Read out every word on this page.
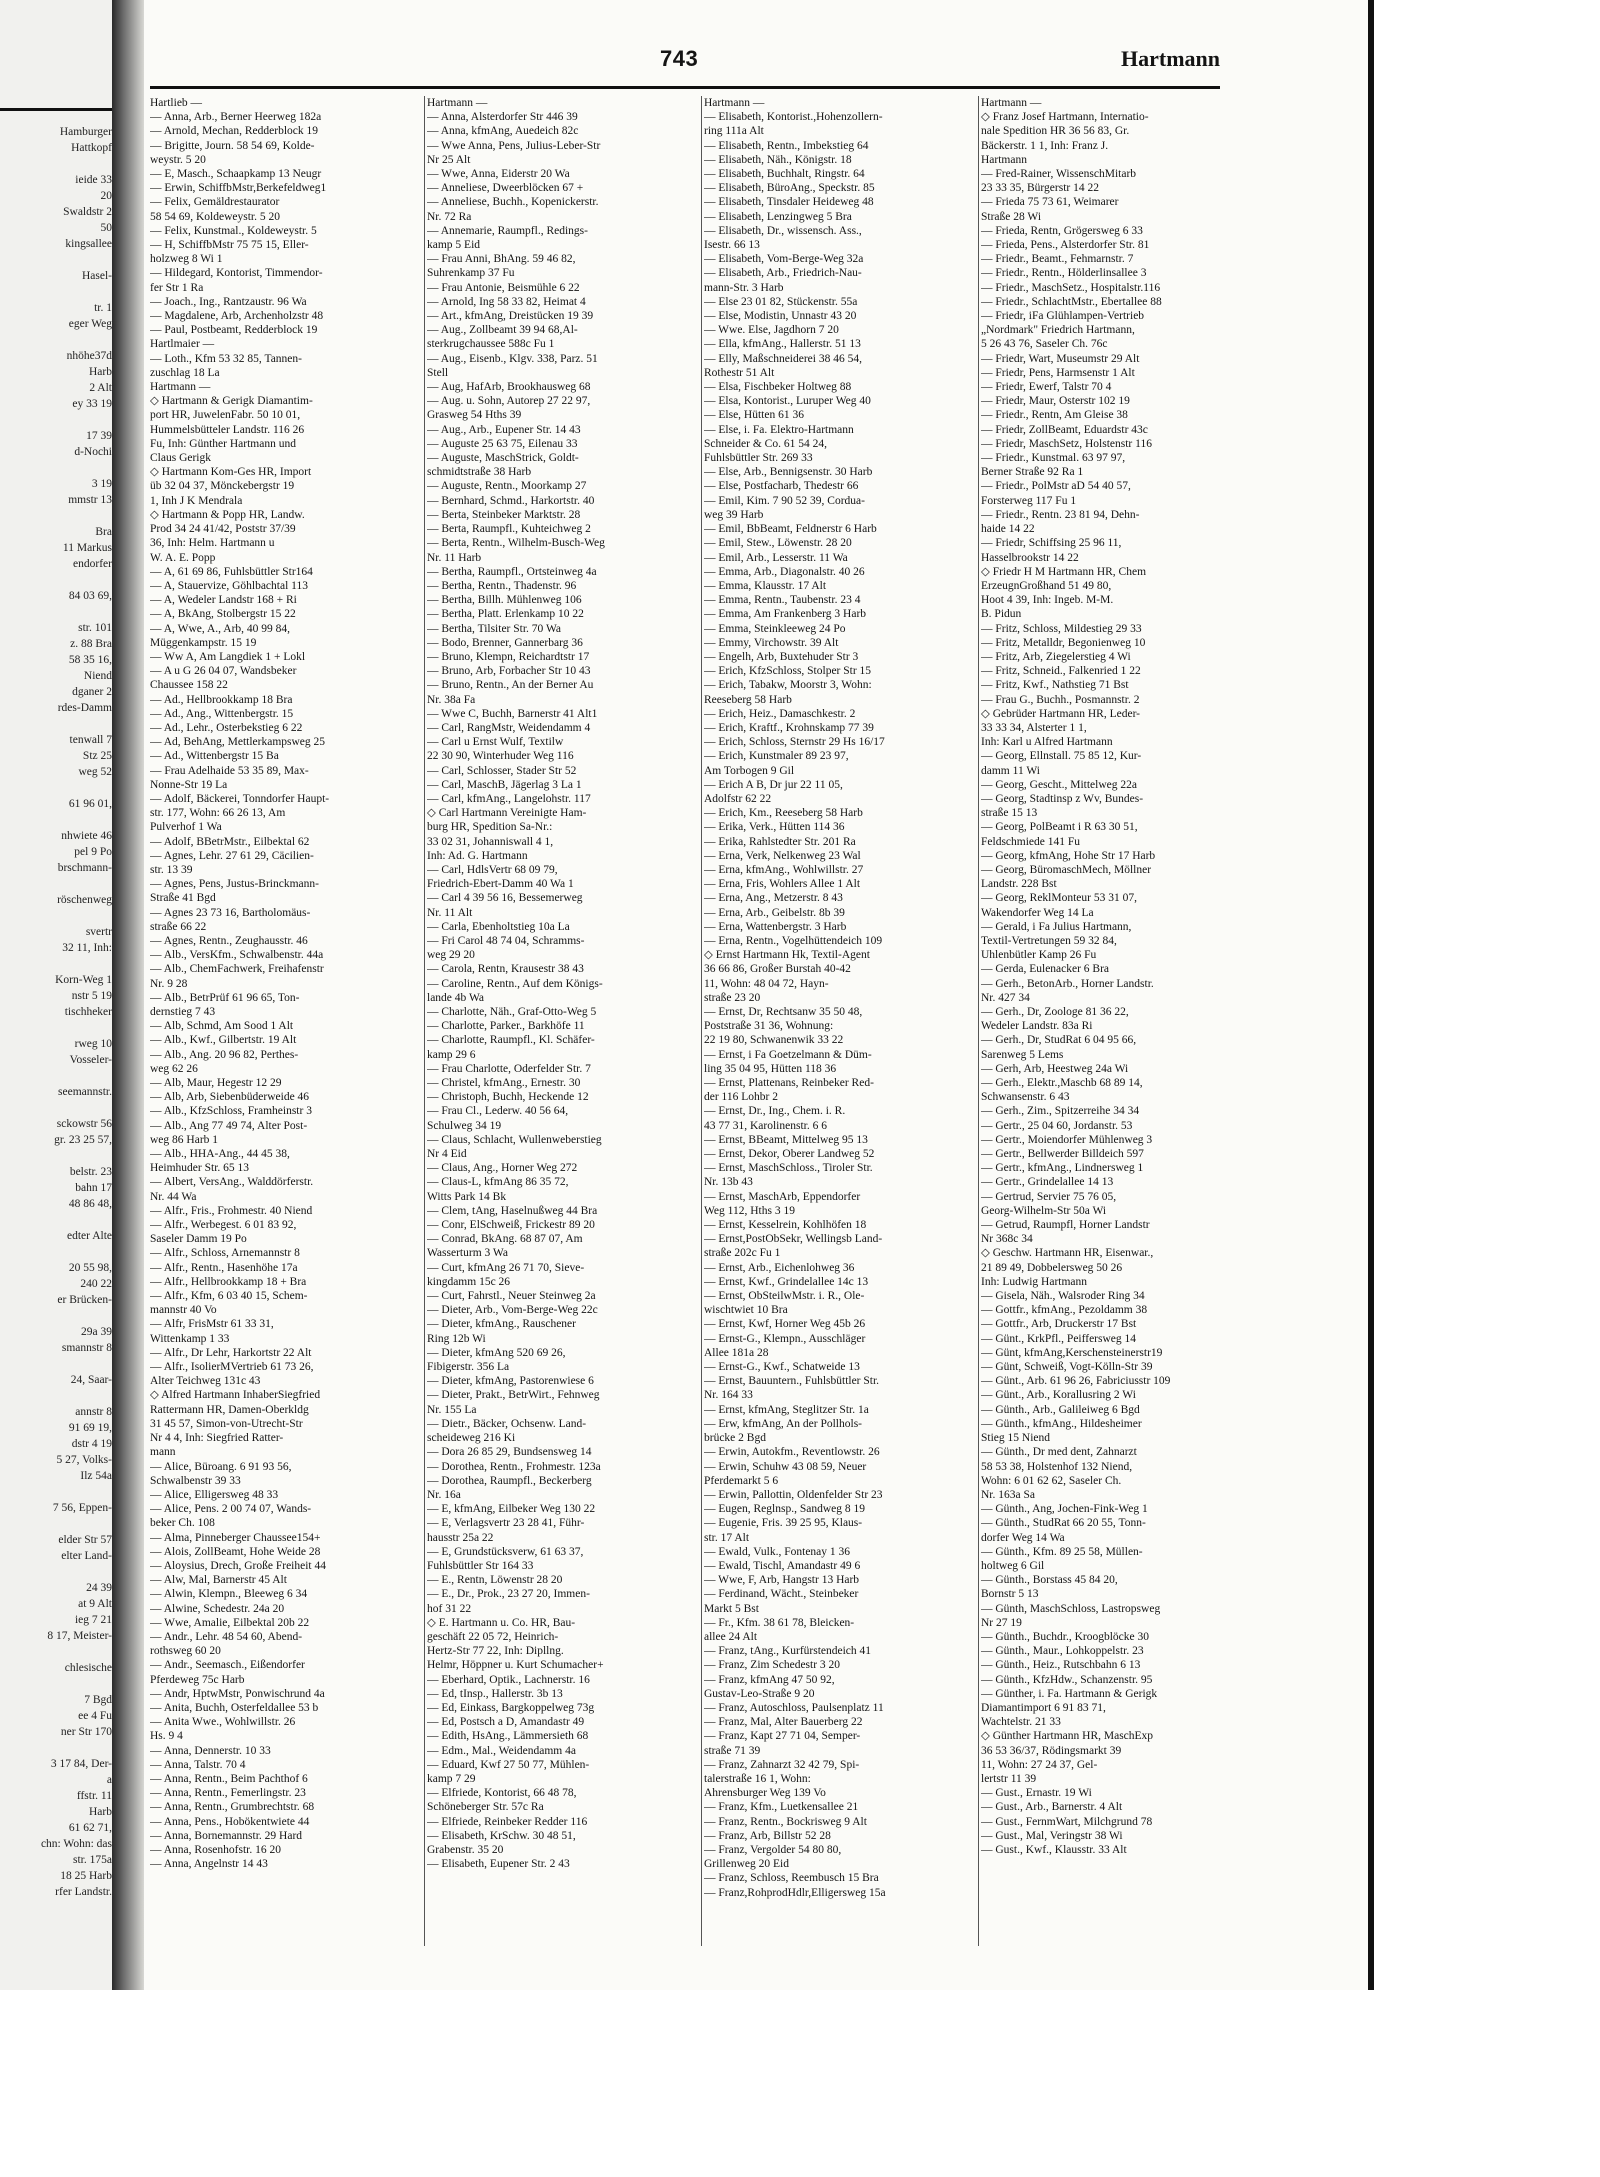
Hamburger
Hattkopf

ieide 33
20
Swaldstr 2
50
kingsallee

Hasel-

tr. 1
eger Weg

nhöhe37d
Harb
2 Alt
ey 33 19

17 39
d-Nochi

3 19
mmstr 13

Bra
11 Markus
endorfer

84 03 69,

str. 101
z. 88 Bra
58 35 16,
Niend
dganer 2
rdes-Damm

tenwall 7
Stz 25
weg 52

61 96 01,

nhwiete 46
pel 9 Po
brschmann-

röschenweg

svertr
32 11, Inh:

Korn-Weg 1
nstr 5 19
tischheker

rweg 10
Vosseler-

seemannstr.

sckowstr 56
gr. 23 25 57,

belstr. 23
bahn 17
48 86 48,

edter Alte

20 55 98,
240 22
er Brücken-

29a 39
smannstr 8

24, Saar-

annstr 8
91 69 19,
dstr 4 19
5 27, Volks-
Ilz 54a

7 56, Eppen-

elder Str 57
elter Land-

24 39
at 9 Alt
ieg 7 21
8 17, Meister-

chlesische

7 Bgd
ee 4 Fu
ner Str 170

3 17 84, Der-
a
ffstr. 11
Harb
61 62 71,
chn: Wohn: das
str. 175a
18 25 Harb
rfer Landstr.
743	Hartmann
Hartlieb —
— Anna, Arb., Berner Heerweg 182a
— Arnold, Mechan, Redderblock 19
— Brigitte, Journ. 58 54 69, Kolde-
weystr. 5 20
— E, Masch., Schaapkamp 13 Neugr
— Erwin, SchiffbMstr,Berkefeldweg1
— Felix, Gemäldrestaurator
58 54 69, Koldeweystr. 5 20
— Felix, Kunstmal., Koldeweystr. 5
— H, SchiffbMstr 75 75 15, Eller-
holzweg 8 Wi 1
— Hildegard, Kontorist, Timmendor-
fer Str 1 Ra
— Joach., Ing., Rantzaustr. 96 Wa
— Magdalene, Arb, Archenholzstr 48
— Paul, Postbeamt, Redderblock 19
Hartlmaier —
— Loth., Kfm 53 32 85, Tannen-
zuschlag 18 La
Hartmann —
◇ Hartmann & Gerigk Diamantim-
port HR, JuwelenFabr. 50 10 01,
Hummelsbütteler Landstr. 116 26
Fu, Inh: Günther Hartmann und
Claus Gerigk
◇ Hartmann Kom-Ges HR, Import
üb 32 04 37, Mönckebergstr 19
1, Inh J K Mendrala
◇ Hartmann & Popp HR, Landw.
Prod 34 24 41/42, Poststr 37/39
36, Inh: Helm. Hartmann u
W. A. E. Popp
— A, 61 69 86, Fuhlsbüttler Str164
— A, Stauervize, Göhlbachtal 113
— A, Wedeler Landstr 168 + Ri
— A, BkAng, Stolbergstr 15 22
— A, Wwe, A., Arb, 40 99 84,
Müggenkampstr. 15 19
— Ww A, Am Langdiek 1 + Lokl
— A u G 26 04 07, Wandsbeker
Chaussee 158 22
— Ad., Hellbrookkamp 18 Bra
— Ad., Ang., Wittenbergstr. 15
— Ad., Lehr., Osterbekstieg 6 22
— Ad, BehAng, Mettlerkampsweg 25
— Ad., Wittenbergstr 15 Ba
— Frau Adelhaide 53 35 89, Max-
Nonne-Str 19 La
— Adolf, Bäckerei, Tonndorfer Haupt-
str. 177, Wohn: 66 26 13, Am
Pulverhof 1 Wa
— Adolf, BBetrMstr., Eilbektal 62
— Agnes, Lehr. 27 61 29, Cäcilien-
str. 13 39
— Agnes, Pens, Justus-Brinckmann-
Straße 41 Bgd
— Agnes 23 73 16, Bartholomäus-
straße 66 22
— Agnes, Rentn., Zeughausstr. 46
— Alb., VersKfm., Schwalbenstr. 44a
— Alb., ChemFachwerk, Freihafenstr
Nr. 9 28
— Alb., BetrPrüf 61 96 65, Ton-
dernstieg 7 43
— Alb, Schmd, Am Sood 1 Alt
— Alb., Kwf., Gilbertstr. 19 Alt
— Alb., Ang. 20 96 82, Perthes-
weg 62 26
— Alb, Maur, Hegestr 12 29
— Alb, Arb, Siebenbüderweide 46
— Alb., KfzSchloss, Framheinstr 3
— Alb., Ang 77 49 74, Alter Post-
weg 86 Harb 1
— Alb., HHA-Ang., 44 45 38,
Heimhuder Str. 65 13
— Albert, VersAng., Walddörferstr.
Nr. 44 Wa
— Alfr., Fris., Frohmestr. 40 Niend
— Alfr., Werbegest. 6 01 83 92,
Saseler Damm 19 Po
— Alfr., Schloss, Arnemannstr 8
— Alfr., Rentn., Hasenhöhe 17a
— Alfr., Hellbrookkamp 18 + Bra
— Alfr., Kfm, 6 03 40 15, Schem-
mannstr 40 Vo
— Alfr, FrisMstr 61 33 31,
Wittenkamp 1 33
— Alfr., Dr Lehr, Harkortstr 22 Alt
— Alfr., IsolierMVertrieb 61 73 26,
Alter Teichweg 131c 43
◇ Alfred Hartmann InhaberSiegfried
Rattermann HR, Damen-Oberkldg
31 45 57, Simon-von-Utrecht-Str
Nr 4 4, Inh: Siegfried Ratter-
mann
— Alice, Büroang. 6 91 93 56,
Schwalbenstr 39 33
— Alice, Elligersweg 48 33
— Alice, Pens. 2 00 74 07, Wands-
beker Ch. 108
— Alma, Pinneberger Chaussee154+
— Alois, ZollBeamt, Hohe Weide 28
— Aloysius, Drech, Große Freiheit 44
— Alw, Mal, Barnerstr 45 Alt
— Alwin, Klempn., Bleeweg 6 34
— Alwine, Schedestr. 24a 20
— Wwe, Amalie, Eilbektal 20b 22
— Andr., Lehr. 48 54 60, Abend-
rothsweg 60 20
— Andr., Seemasch., Eißendorfer
Pferdeweg 75c Harb
— Andr, HptwMstr, Ponwischrund 4a
— Anita, Buchh, Osterfeldallee 53 b
— Anita Wwe., Wohlwillstr. 26
Hs. 9 4
— Anna, Dennerstr. 10 33
— Anna, Talstr. 70 4
— Anna, Rentn., Beim Pachthof 6
— Anna, Rentn., Femerlingstr. 23
— Anna, Rentn., Grumbrechtstr. 68
— Anna, Pens., Hobökentwiete 44
— Anna, Bornemannstr. 29 Hard
— Anna, Rosenhofstr. 16 20
— Anna, Angelnstr 14 43
Hartmann —
— Anna, Alsterdorfer Str 446 39
— Anna, kfmAng, Auedeich 82c
— Wwe Anna, Pens, Julius-Leber-Str
Nr 25 Alt
— Wwe, Anna, Eiderstr 20 Wa
— Anneliese, Dweerblöcken 67 +
— Anneliese, Buchh., Kopenickerstr.
Nr. 72 Ra
— Annemarie, Raumpfl., Redings-
kamp 5 Eid
— Frau Anni, BhAng. 59 46 82,
Suhrenkamp 37 Fu
— Frau Antonie, Beismühle 6 22
— Arnold, Ing 58 33 82, Heimat 4
— Art., kfmAng, Dreistücken 19 39
— Aug., Zollbeamt 39 94 68,Al-
sterkrugchaussee 588c Fu 1
— Aug., Eisenb., Klgv. 338, Parz. 51
Stell
— Aug, HafArb, Brookhausweg 68
— Aug. u. Sohn, Autorep 27 22 97,
Grasweg 54 Hths 39
— Aug., Arb., Eupener Str. 14 43
— Auguste 25 63 75, Eilenau 33
— Auguste, MaschStrick, Goldt-
schmidtstraße 38 Harb
— Auguste, Rentn., Moorkamp 27
— Bernhard, Schmd., Harkortstr. 40
— Berta, Steinbeker Marktstr. 28
— Berta, Raumpfl., Kuhteichweg 2
— Berta, Rentn., Wilhelm-Busch-Weg
Nr. 11 Harb
— Bertha, Raumpfl., Ortsteinweg 4a
— Bertha, Rentn., Thadenstr. 96
— Bertha, Billh. Mühlenweg 106
— Bertha, Platt. Erlenkamp 10 22
— Bertha, Tilsiter Str. 70 Wa
— Bodo, Brenner, Gannerbarg 36
— Bruno, Klempn, Reichardtstr 17
— Bruno, Arb, Forbacher Str 10 43
— Bruno, Rentn., An der Berner Au
Nr. 38a Fa
— Wwe C, Buchh, Barnerstr 41 Alt1
— Carl, RangMstr, Weidendamm 4
— Carl u Ernst Wulf, Textilw
22 30 90, Winterhuder Weg 116
— Carl, Schlosser, Stader Str 52
— Carl, MaschB, Jägerlag 3 La 1
— Carl, kfmAng., Langelohstr. 117
◇ Carl Hartmann Vereinigte Ham-
burg HR, Spedition Sa-Nr.:
33 02 31, Johanniswall 4 1,
Inh: Ad. G. Hartmann
— Carl, HdlsVertr 68 09 79,
Friedrich-Ebert-Damm 40 Wa 1
— Carl 4 39 56 16, Bessemerweg
Nr. 11 Alt
— Carla, Ebenholtstieg 10a La
— Fri Carol 48 74 04, Schramms-
weg 29 20
— Carola, Rentn, Krausestr 38 43
— Caroline, Rentn., Auf dem Königs-
lande 4b Wa
— Charlotte, Näh., Graf-Otto-Weg 5
— Charlotte, Parker., Barkhöfe 11
— Charlotte, Raumpfl., Kl. Schäfer-
kamp 29 6
— Frau Charlotte, Oderfelder Str. 7
— Christel, kfmAng., Ernestr. 30
— Christoph, Buchh, Heckende 12
— Frau Cl., Lederw. 40 56 64,
Schulweg 34 19
— Claus, Schlacht, Wullenweberstieg
Nr 4 Eid
— Claus, Ang., Horner Weg 272
— Claus-L, kfmAng 86 35 72,
Witts Park 14 Bk
— Clem, tAng, Haselnußweg 44 Bra
— Conr, ElSchweiß, Frickestr 89 20
— Conrad, BkAng. 68 87 07, Am
Wasserturm 3 Wa
— Curt, kfmAng 26 71 70, Sieve-
kingdamm 15c 26
— Curt, Fahrstl., Neuer Steinweg 2a
— Dieter, Arb., Vom-Berge-Weg 22c
— Dieter, kfmAng., Rauschener
Ring 12b Wi
— Dieter, kfmAng 520 69 26,
Fibigerstr. 356 La
— Dieter, kfmAng, Pastorenwiese 6
— Dieter, Prakt., BetrWirt., Fehnweg
Nr. 155 La
— Dietr., Bäcker, Ochsenw. Land-
scheideweg 216 Ki
— Dora 26 85 29, Bundsensweg 14
— Dorothea, Rentn., Frohmestr. 123a
— Dorothea, Raumpfl., Beckerberg
Nr. 16a
— E, kfmAng, Eilbeker Weg 130 22
— E, Verlagsvertr 23 28 41, Führ-
hausstr 25a 22
— E, Grundstücksverw, 61 63 37,
Fuhlsbüttler Str 164 33
— E., Rentn, Löwenstr 28 20
— E., Dr., Prok., 23 27 20, Immen-
hof 31 22
◇ E. Hartmann u. Co. HR, Bau-
geschäft 22 05 72, Heinrich-
Hertz-Str 77 22, Inh: Dipllng.
Helmr, Höppner u. Kurt Schumacher+
— Eberhard, Optik., Lachnerstr. 16
— Ed, tInsp., Hallerstr. 3b 13
— Ed, Einkass, Bargkoppelweg 73g
— Ed, Postsch a D, Amandastr 49
— Edith, HsAng., Lämmersieth 68
— Edm., Mal., Weidendamm 4a
— Eduard, Kwf 27 50 77, Mühlen-
kamp 7 29
— Elfriede, Kontorist, 66 48 78,
Schöneberger Str. 57c Ra
— Elfriede, Reinbeker Redder 116
— Elisabeth, KrSchw. 30 48 51,
Grabenstr. 35 20
— Elisabeth, Eupener Str. 2 43
Hartmann —
— Elisabeth, Kontorist.,Hohenzollern-
ring 111a Alt
— Elisabeth, Rentn., Imbekstieg 64
— Elisabeth, Näh., Königstr. 18
— Elisabeth, Buchhalt, Ringstr. 64
— Elisabeth, BüroAng., Speckstr. 85
— Elisabeth, Tinsdaler Heideweg 48
— Elisabeth, Lenzingweg 5 Bra
— Elisabeth, Dr., wissensch. Ass.,
Isestr. 66 13
— Elisabeth, Vom-Berge-Weg 32a
— Elisabeth, Arb., Friedrich-Nau-
mann-Str. 3 Harb
— Else 23 01 82, Stückenstr. 55a
— Else, Modistin, Unnastr 43 20
— Wwe. Else, Jagdhorn 7 20
— Ella, kfmAng., Hallerstr. 51 13
— Elly, Maßschneiderei 38 46 54,
Rothestr 51 Alt
— Elsa, Fischbeker Holtweg 88
— Elsa, Kontorist., Luruper Weg 40
— Else, Hütten 61 36
— Else, i. Fa. Elektro-Hartmann
Schneider & Co. 61 54 24,
Fuhlsbüttler Str. 269 33
— Else, Arb., Bennigsenstr. 30 Harb
— Else, Postfacharb, Thedestr 66
— Emil, Kim. 7 90 52 39, Cordua-
weg 39 Harb
— Emil, BbBeamt, Feldnerstr 6 Harb
— Emil, Stew., Löwenstr. 28 20
— Emil, Arb., Lesserstr. 11 Wa
— Emma, Arb., Diagonalstr. 40 26
— Emma, Klausstr. 17 Alt
— Emma, Rentn., Taubenstr. 23 4
— Emma, Am Frankenberg 3 Harb
— Emma, Steinkleeweg 24 Po
— Emmy, Virchowstr. 39 Alt
— Engelh, Arb, Buxtehuder Str 3
— Erich, KfzSchloss, Stolper Str 15
— Erich, Tabakw, Moorstr 3, Wohn:
Reeseberg 58 Harb
— Erich, Heiz., Damaschkestr. 2
— Erich, Kraftf., Krohnskamp 77 39
— Erich, Schloss, Sternstr 29 Hs 16/17
— Erich, Kunstmaler 89 23 97,
Am Torbogen 9 Gil
— Erich A B, Dr jur 22 11 05,
Adolfstr 62 22
— Erich, Km., Reeseberg 58 Harb
— Erika, Verk., Hütten 114 36
— Erika, Rahlstedter Str. 201 Ra
— Erna, Verk, Nelkenweg 23 Wal
— Erna, kfmAng., Wohlwillstr. 27
— Erna, Fris, Wohlers Allee 1 Alt
— Erna, Ang., Metzerstr. 8 43
— Erna, Arb., Geibelstr. 8b 39
— Erna, Wattenbergstr. 3 Harb
— Erna, Rentn., Vogelhüttendeich 109
◇ Ernst Hartmann Hk, Textil-Agent
36 66 86, Großer Burstah 40-42
11, Wohn: 48 04 72, Hayn-
straße 23 20
— Ernst, Dr, Rechtsanw 35 50 48,
Poststraße 31 36, Wohnung:
22 19 80, Schwanenwik 33 22
— Ernst, i Fa Goetzelmann & Düm-
ling 35 04 95, Hütten 118 36
— Ernst, Plattenans, Reinbeker Red-
der 116 Lohbr 2
— Ernst, Dr., Ing., Chem. i. R.
43 77 31, Karolinenstr. 6 6
— Ernst, BBeamt, Mittelweg 95 13
— Ernst, Dekor, Oberer Landweg 52
— Ernst, MaschSchloss., Tiroler Str.
Nr. 13b 43
— Ernst, MaschArb, Eppendorfer
Weg 112, Hths 3 19
— Ernst, Kesselrein, Kohlhöfen 18
— Ernst,PostObSekr, Wellingsb Land-
straße 202c Fu 1
— Ernst, Arb., Eichenlohweg 36
— Ernst, Kwf., Grindelallee 14c 13
— Ernst, ObSteilwMstr. i. R., Ole-
wischtwiet 10 Bra
— Ernst, Kwf, Horner Weg 45b 26
— Ernst-G., Klempn., Ausschläger
Allee 181a 28
— Ernst-G., Kwf., Schatweide 13
— Ernst, Bauuntern., Fuhlsbüttler Str.
Nr. 164 33
— Ernst, kfmAng, Steglitzer Str. 1a
— Erw, kfmAng, An der Pollhols-
brücke 2 Bgd
— Erwin, Autokfm., Reventlowstr. 26
— Erwin, Schuhw 43 08 59, Neuer
Pferdemarkt 5 6
— Erwin, Pallottin, Oldenfelder Str 23
— Eugen, Reglnsp., Sandweg 8 19
— Eugenie, Fris. 39 25 95, Klaus-
str. 17 Alt
— Ewald, Vulk., Fontenay 1 36
— Ewald, Tischl, Amandastr 49 6
— Wwe, F, Arb, Hangstr 13 Harb
— Ferdinand, Wächt., Steinbeker
Markt 5 Bst
— Fr., Kfm. 38 61 78, Bleicken-
allee 24 Alt
— Franz, tAng., Kurfürstendeich 41
— Franz, Zim Schedestr 3 20
— Franz, kfmAng 47 50 92,
Gustav-Leo-Straße 9 20
— Franz, Autoschloss, Paulsenplatz 11
— Franz, Mal, Alter Bauerberg 22
— Franz, Kapt 27 71 04, Semper-
straße 71 39
— Franz, Zahnarzt 32 42 79, Spi-
talerstraße 16 1, Wohn:
Ahrensburger Weg 139 Vo
— Franz, Kfm., Luetkensallee 21
— Franz, Rentn., Bockrisweg 9 Alt
— Franz, Arb, Billstr 52 28
— Franz, Vergolder 54 80 80,
Grillenweg 20 Eid
— Franz, Schloss, Reembusch 15 Bra
— Franz,RohprodHdlr,Elligersweg 15a
Hartmann —
◇ Franz Josef Hartmann, Internatio-
nale Spedition HR 36 56 83, Gr.
Bäckerstr. 1 1, Inh: Franz J.
Hartmann
— Fred-Rainer, WissenschMitarb
23 33 35, Bürgerstr 14 22
— Frieda 75 73 61, Weimarer
Straße 28 Wi
— Frieda, Rentn, Grögersweg 6 33
— Frieda, Pens., Alsterdorfer Str. 81
— Friedr., Beamt., Fehmarnstr. 7
— Friedr., Rentn., Hölderlinsallee 3
— Friedr., MaschSetz., Hospitalstr.116
— Friedr., SchlachtMstr., Ebertallee 88
— Friedr, iFa Glühlampen-Vertrieb
„Nordmark" Friedrich Hartmann,
5 26 43 76, Saseler Ch. 76c
— Friedr, Wart, Museumstr 29 Alt
— Friedr, Pens, Harmsenstr 1 Alt
— Friedr, Ewerf, Talstr 70 4
— Friedr, Maur, Osterstr 102 19
— Friedr., Rentn, Am Gleise 38
— Friedr, ZollBeamt, Eduardstr 43c
— Friedr, MaschSetz, Holstenstr 116
— Friedr., Kunstmal. 63 97 97,
Berner Straße 92 Ra 1
— Friedr., PolMstr aD 54 40 57,
Forsterweg 117 Fu 1
— Friedr., Rentn. 23 81 94, Dehn-
haide 14 22
— Friedr, Schiffsing 25 96 11,
Hasselbrookstr 14 22
◇ Friedr H M Hartmann HR, Chem
ErzeugnGroßhand 51 49 80,
Hoot 4 39, Inh: Ingeb. M-M.
B. Pidun
— Fritz, Schloss, Mildestieg 29 33
— Fritz, Metalldr, Begonienweg 10
— Fritz, Arb, Ziegelerstieg 4 Wi
— Fritz, Schneid., Falkenried 1 22
— Fritz, Kwf., Nathstieg 71 Bst
— Frau G., Buchh., Posmannstr. 2
◇ Gebrüder Hartmann HR, Leder-
33 33 34, Alsterter 1 1,
Inh: Karl u Alfred Hartmann
— Georg, Ellnstall. 75 85 12, Kur-
damm 11 Wi
— Georg, Gescht., Mittelweg 22a
— Georg, Stadtinsp z Wv, Bundes-
straße 15 13
— Georg, PolBeamt i R 63 30 51,
Feldschmiede 141 Fu
— Georg, kfmAng, Hohe Str 17 Harb
— Georg, BüromaschMech, Möllner
Landstr. 228 Bst
— Georg, ReklMonteur 53 31 07,
Wakendorfer Weg 14 La
— Gerald, i Fa Julius Hartmann,
Textil-Vertretungen 59 32 84,
Uhlenbütler Kamp 26 Fu
— Gerda, Eulenacker 6 Bra
— Gerh., BetonArb., Horner Landstr.
Nr. 427 34
— Gerh., Dr, Zoologe 81 36 22,
Wedeler Landstr. 83a Ri
— Gerh., Dr, StudRat 6 04 95 66,
Sarenweg 5 Lems
— Gerh, Arb, Heestweg 24a Wi
— Gerh., Elektr.,Maschb 68 89 14,
Schwansenstr. 6 43
— Gerh., Zim., Spitzerreihe 34 34
— Gertr., 25 04 60, Jordanstr. 53
— Gertr., Moiendorfer Mühlenweg 3
— Gertr., Bellwerder Billdeich 597
— Gertr., kfmAng., Lindnersweg 1
— Gertr., Grindelallee 14 13
— Gertrud, Servier 75 76 05,
Georg-Wilhelm-Str 50a Wi
— Getrud, Raumpfl, Horner Landstr
Nr 368c 34
◇ Geschw. Hartmann HR, Eisenwar.,
21 89 49, Dobbelersweg 50 26
Inh: Ludwig Hartmann
— Gisela, Näh., Walsroder Ring 34
— Gottfr., kfmAng., Pezoldamm 38
— Gottfr., Arb, Druckerstr 17 Bst
— Günt., KrkPfl., Peiffersweg 14
— Günt, kfmAng,Kerschensteinerstr19
— Günt, Schweiß, Vogt-Kölln-Str 39
— Günt., Arb. 61 96 26, Fabriciusstr 109
— Günt., Arb., Korallusring 2 Wi
— Günth., Arb., Galileiweg 6 Bgd
— Günth., kfmAng., Hildesheimer
Stieg 15 Niend
— Günth., Dr med dent, Zahnarzt
58 53 38, Holstenhof 132 Niend,
Wohn: 6 01 62 62, Saseler Ch.
Nr. 163a Sa
— Günth., Ang, Jochen-Fink-Weg 1
— Günth., StudRat 66 20 55, Tonn-
dorfer Weg 14 Wa
— Günth., Kfm. 89 25 58, Müllen-
holtweg 6 Gil
— Günth., Borstass 45 84 20,
Bornstr 5 13
— Günth, MaschSchloss, Lastropsweg
Nr 27 19
— Günth., Buchdr., Kroogblöcke 30
— Günth., Maur., Lohkoppelstr. 23
— Günth., Heiz., Rutschbahn 6 13
— Günth., KfzHdw., Schanzenstr. 95
— Günther, i. Fa. Hartmann & Gerigk
Diamantimport 6 91 83 71,
Wachtelstr. 21 33
◇ Günther Hartmann HR, MaschExp
36 53 36/37, Rödingsmarkt 39
11, Wohn: 27 24 37, Gel-
lertstr 11 39
— Gust., Ernastr. 19 Wi
— Gust., Arb., Barnerstr. 4 Alt
— Gust., FernmWart, Milchgrund 78
— Gust., Mal, Veringstr 38 Wi
— Gust., Kwf., Klausstr. 33 Alt
